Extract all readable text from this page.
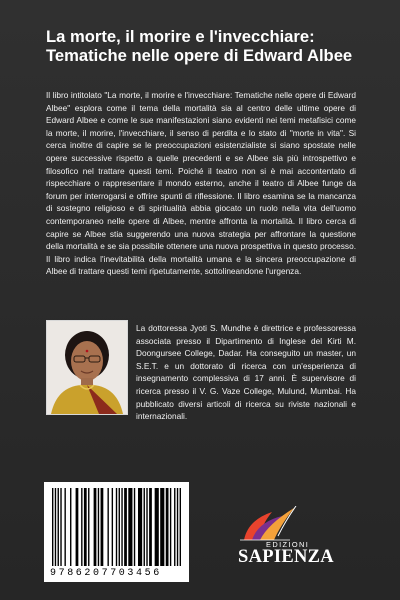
La morte, il morire e l'invecchiare: Tematiche nelle opere di Edward Albee

Il libro intitolato "La morte, il morire e l'invecchiare: Tematiche nelle opere di Edward Albee" esplora come il tema della mortalità sia al centro delle ultime opere di Edward Albee e come le sue manifestazioni siano evidenti nei temi metafisici come la morte, il morire, l'invecchiare, il senso di perdita e lo stato di "morte in vita". Si cerca inoltre di capire se le preoccupazioni esistenzialiste si siano spostate nelle opere successive rispetto a quelle precedenti e se Albee sia più introspettivo e filosofico nel trattare questi temi. Poiché il teatro non si è mai accontentato di rispecchiare o rappresentare il mondo esterno, anche il teatro di Albee funge da forum per interrogarsi e offrire spunti di riflessione. Il libro esamina se la mancanza di sostegno religioso e di spiritualità abbia giocato un ruolo nella vita dell'uomo contemporaneo nelle opere di Albee, mentre affronta la mortalità. Il libro cerca di capire se Albee stia suggerendo una nuova strategia per affrontare la questione della mortalità e se sia possibile ottenere una nuova prospettiva in questo processo. Il libro indica l'inevitabilità della mortalità umana e la sincera preoccupazione di Albee di trattare questi temi ripetutamente, sottolineandone l'urgenza.

La dottoressa Jyoti S. Mundhe è direttrice e professoressa associata presso il Dipartimento di Inglese del Kirti M. Doongursee College, Dadar. Ha conseguito un master, un S.E.T. e un dottorato di ricerca con un'esperienza di insegnamento complessiva di 17 anni. È supervisore di ricerca presso il V. G. Vaze College, Mulund, Mumbai. Ha pubblicato diversi articoli di ricerca su riviste nazionali e internazionali.

9786207703456
EDIZIONI
SAPIENZA
